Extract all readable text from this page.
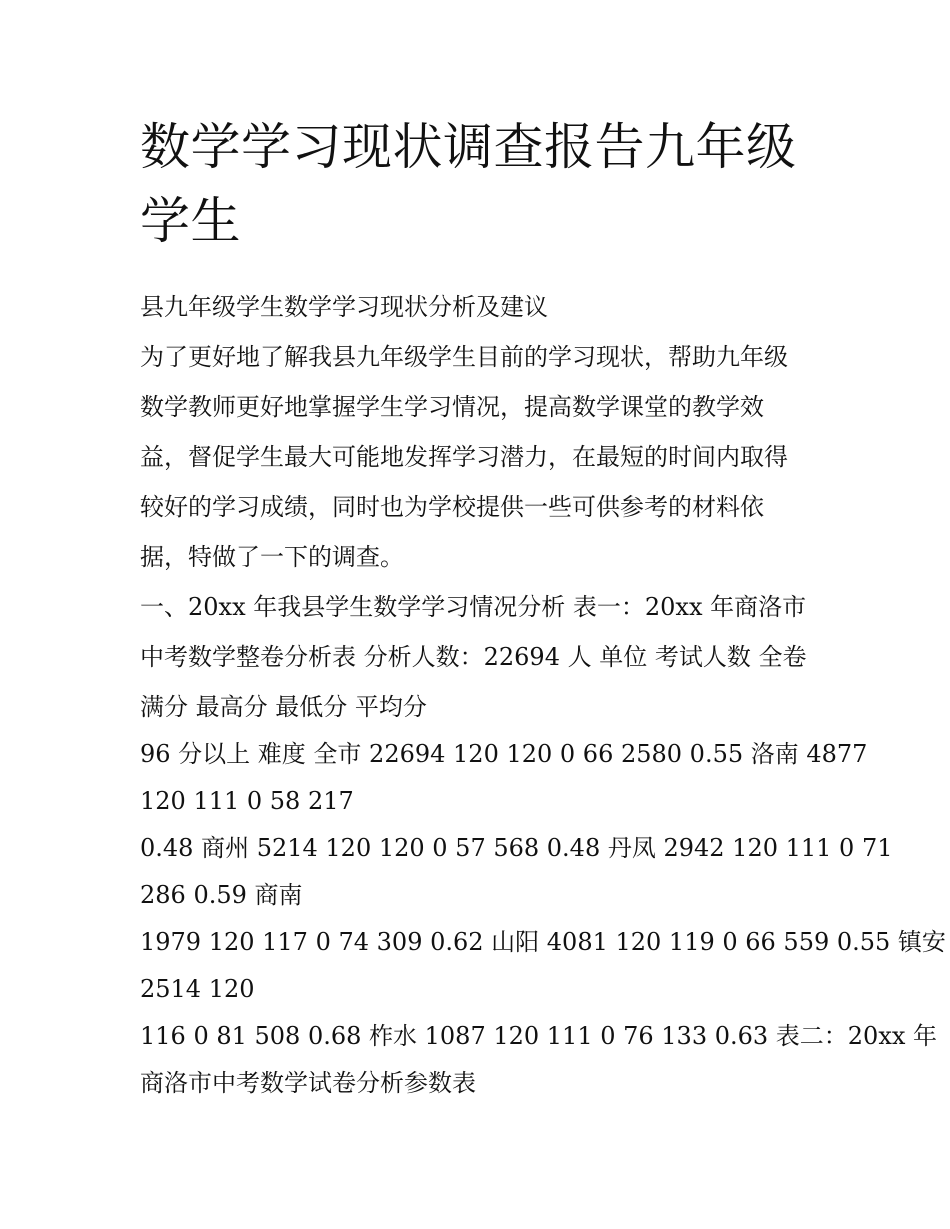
数学学习现状调查报告九年级
学生
县九年级学生数学学习现状分析及建议
为了更好地了解我县九年级学生目前的学习现状，帮助九年级
数学教师更好地掌握学生学习情况，提高数学课堂的教学效
益，督促学生最大可能地发挥学习潜力，在最短的时间内取得
较好的学习成绩，同时也为学校提供一些可供参考的材料依
据，特做了一下的调查。
一、20xx 年我县学生数学学习情况分析 表一：20xx 年商洛市
中考数学整卷分析表 分析人数：22694 人 单位 考试人数 全卷
满分 最高分 最低分 平均分
96 分以上 难度 全市 22694 120 120 0 66 2580 0.55 洛南 4877
120 111 0 58 217
0.48 商州 5214 120 120 0 57 568 0.48 丹凤 2942 120 111 0 71
286 0.59 商南
1979 120 117 0 74 309 0.62 山阳 4081 120 119 0 66 559 0.55 镇安
2514 120
116 0 81 508 0.68 柞水 1087 120 111 0 76 133 0.63 表二：20xx 年
商洛市中考数学试卷分析参数表
